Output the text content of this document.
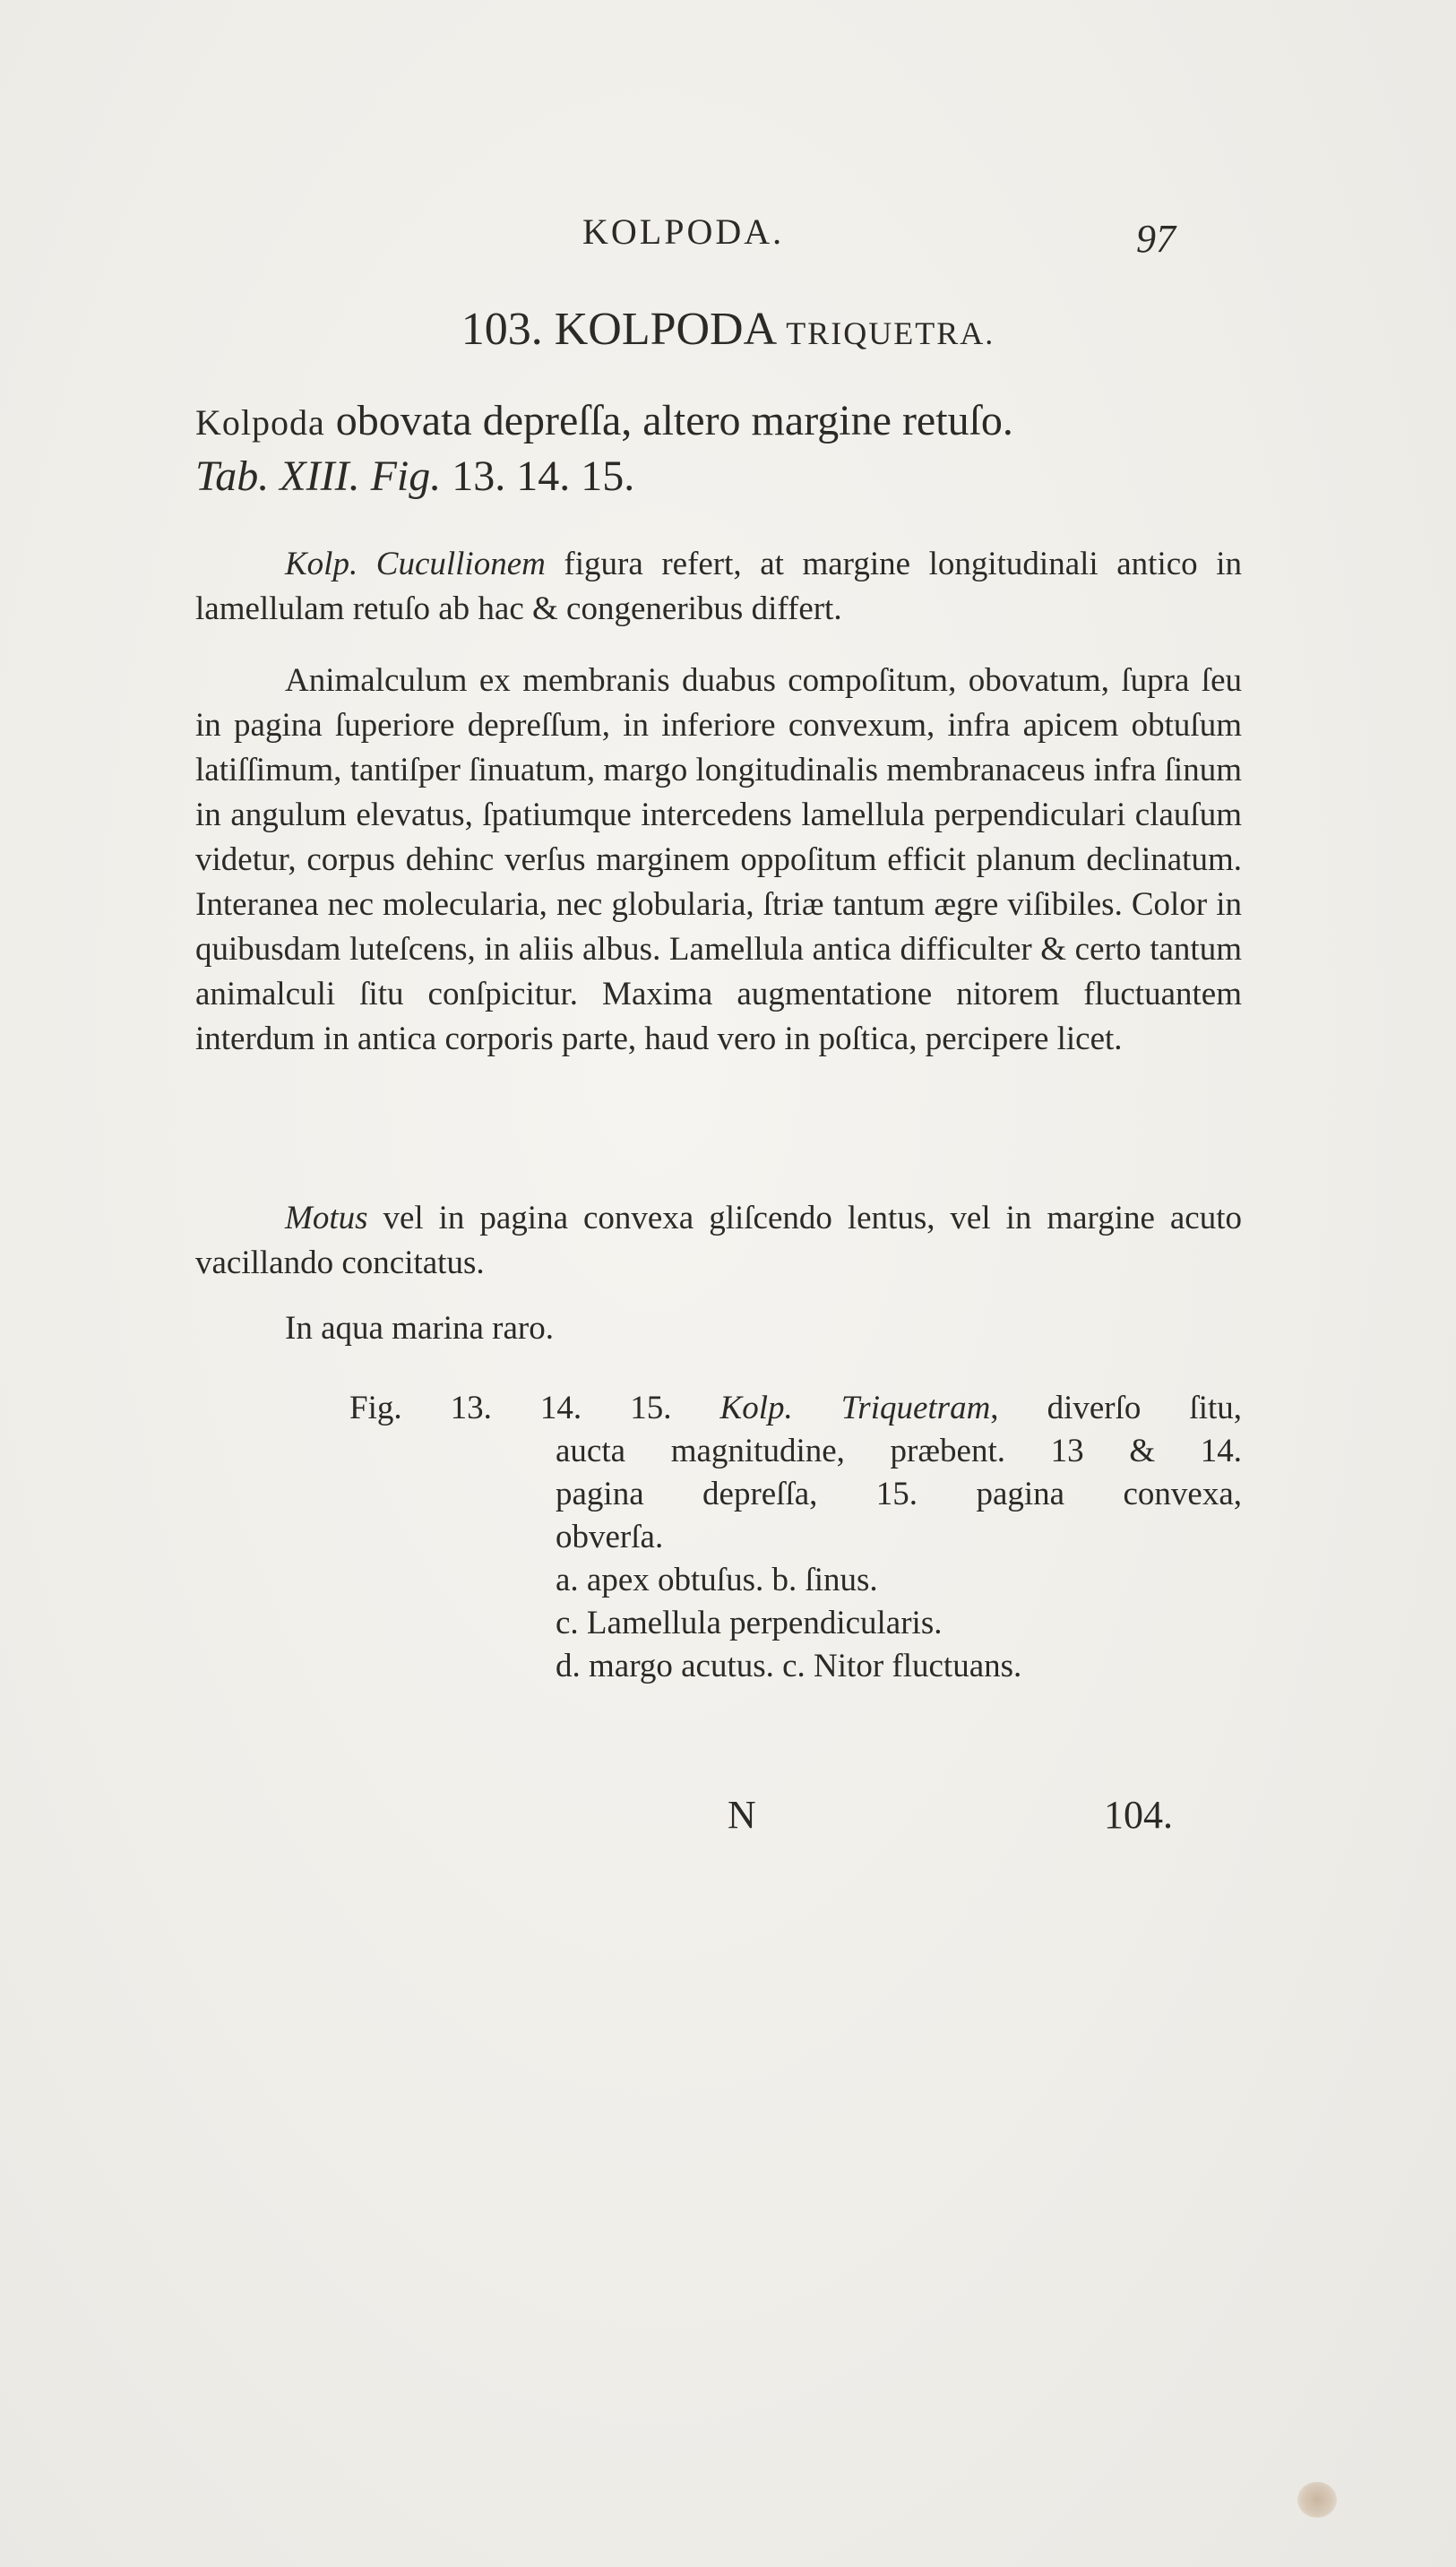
KOLPODA.	97
103. KOLPODA TRIQUETRA.
Kolpoda obovata depreſſa, altero margine retuſo.
Tab. XIII. Fig. 13. 14. 15.
Kolp. Cucullionem figura refert, at margine longitudinali antico in lamellulam retuſo ab hac & congeneribus differt.
Animalculum ex membranis duabus compoſitum, obovatum, ſupra ſeu in pagina ſuperiore depreſſum, in inferiore convexum, infra apicem obtuſum latiſſimum, tantiſper ſinuatum, margo longitudinalis membranaceus infra ſinum in angulum elevatus, ſpatiumque intercedens lamellula perpendiculari clauſum videtur, corpus dehinc verſus marginem oppoſitum efficit planum declinatum. Interanea nec molecularia, nec globularia, ſtriæ tantum ægre viſibiles. Color in quibusdam luteſcens, in aliis albus. Lamellula antica difficulter & certo tantum animalculi ſitu conſpicitur. Maxima augmentatione nitorem fluctuantem interdum in antica corporis parte, haud vero in poſtica, percipere licet.
Motus vel in pagina convexa gliſcendo lentus, vel in margine acuto vacillando concitatus.
In aqua marina raro.
Fig. 13. 14. 15. Kolp. Triquetram, diverſo ſitu,
aucta magnitudine, præbent. 13 & 14.
pagina depreſſa, 15. pagina convexa,
obverſa.
a. apex obtuſus. b. ſinus.
c. Lamellula perpendicularis.
d. margo acutus. c. Nitor fluctuans.
N	104.
